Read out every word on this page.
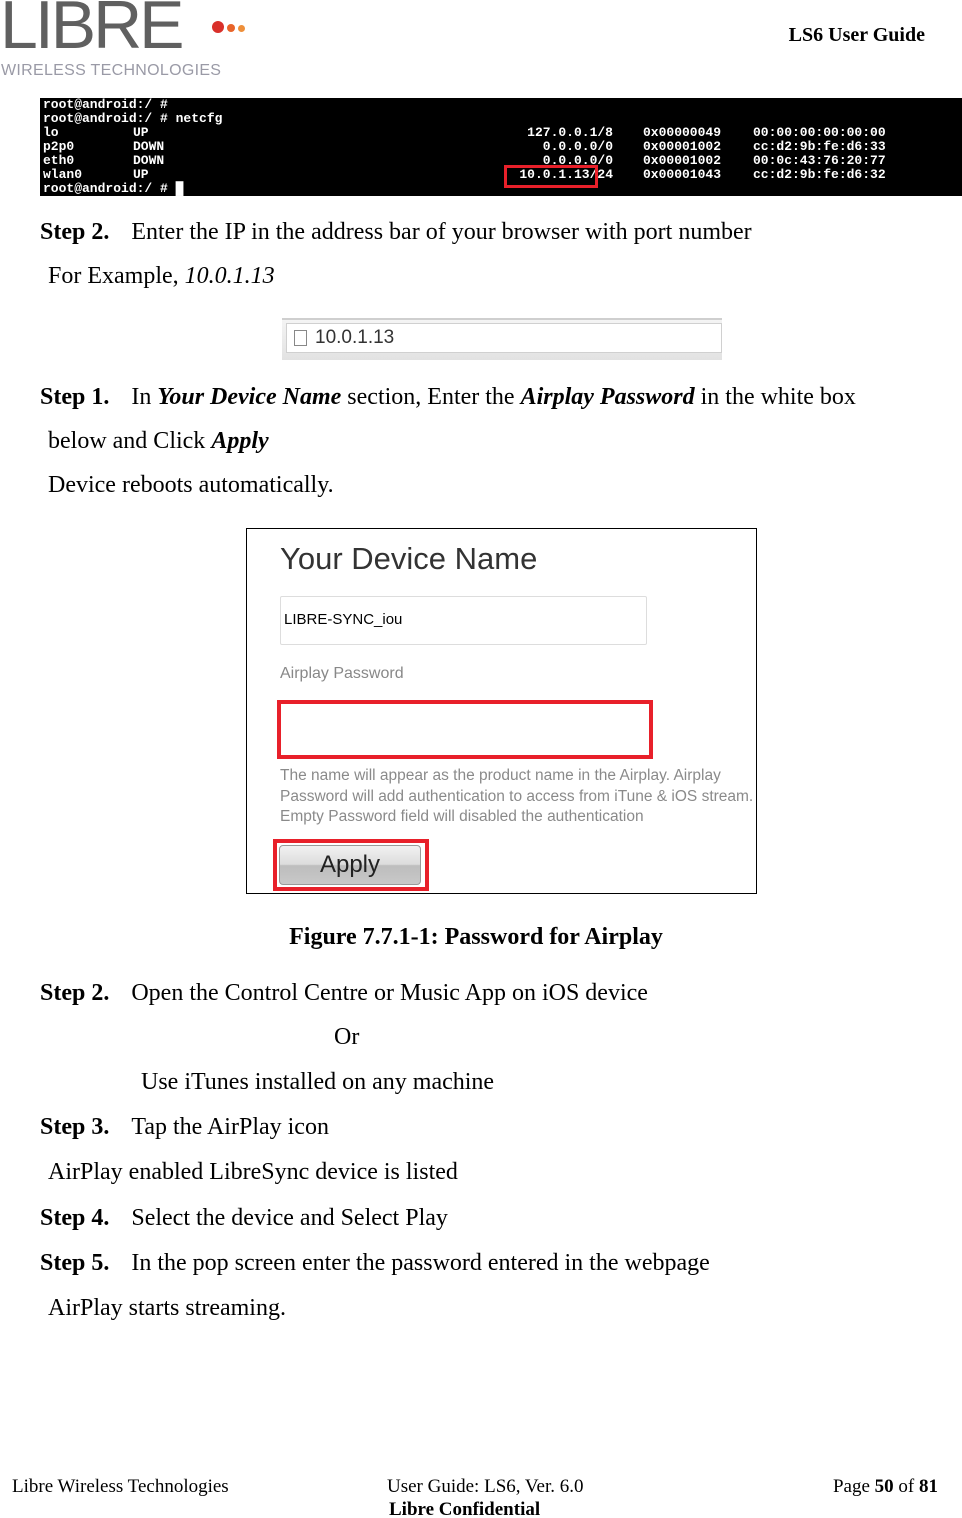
LIBRE
WIRELESS TECHNOLOGIES
LS6 User Guide
root@android:/ #
root@android:/ # netcfg
lo	UP	127.0.0.1/8 0x00000049 00:00:00:00:00:00
p2p0	DOWN	0.0.0.0/0 0x00001002 cc:d2:9b:fe:d6:33
eth0	DOWN	0.0.0.0/0 0x00001002 00:0c:43:76:20:77
wlan0	UP	10.0.1.13/24 0x00001043 cc:d2:9b:fe:d6:32
root@android:/ # █
Step 2. Enter the IP in the address bar of your browser with port number
For Example, 10.0.1.13
10.0.1.13
Step 1. In Your Device Name section, Enter the Airplay Password in the white box
below and Click Apply
Device reboots automatically.
Your Device Name
LIBRE-SYNC_iou
Airplay Password
The name will appear as the product name in the Airplay. Airplay Password will add authentication to access from iTune & iOS stream. Empty Password field will disabled the authentication
Apply
Figure 7.7.1-1: Password for Airplay
Step 2. Open the Control Centre or Music App on iOS device
Or
Use iTunes installed on any machine
Step 3. Tap the AirPlay icon
AirPlay enabled LibreSync device is listed
Step 4. Select the device and Select Play
Step 5. In the pop screen enter the password entered in the webpage
AirPlay starts streaming.
Libre Wireless Technologies	User Guide: LS6, Ver. 6.0
Libre Confidential
Page 50 of 81
